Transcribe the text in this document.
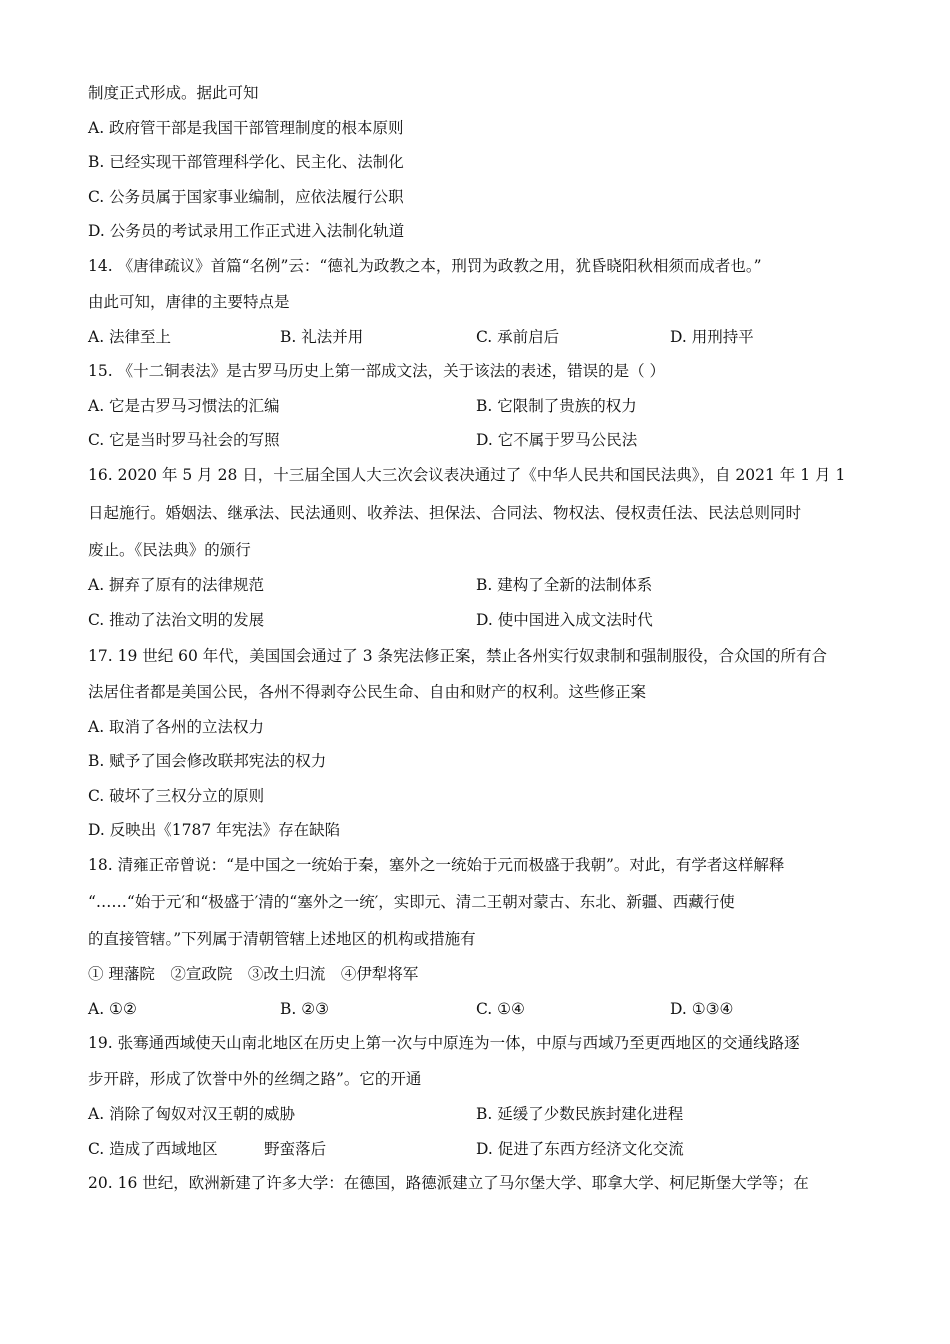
制度正式形成。据此可知
A. 政府管干部是我国干部管理制度的根本原则
B. 已经实现干部管理科学化、民主化、法制化
C. 公务员属于国家事业编制，应依法履行公职
D. 公务员的考试录用工作正式进入法制化轨道
14. 《唐律疏议》首篇“名例”云：“德礼为政教之本，刑罚为政教之用，犹昏晓阳秋相须而成者也。”
由此可知，唐律的主要特点是
A. 法律至上	B. 礼法并用	C. 承前启后	D. 用刑持平
15. 《十二铜表法》是古罗马历史上第一部成文法，关于该法的表述，错误的是（ ）
A. 它是古罗马习惯法的汇编	B. 它限制了贵族的权力
C. 它是当时罗马社会的写照	D. 它不属于罗马公民法
16. 2020 年 5 月 28 日，十三届全国人大三次会议表决通过了《中华人民共和国民法典》，自 2021 年 1 月 1
日起施行。婚姻法、继承法、民法通则、收养法、担保法、合同法、物权法、侵权责任法、民法总则同时
废止。《民法典》的颁行
A. 摒弃了原有的法律规范	B. 建构了全新的法制体系
C. 推动了法治文明的发展	D. 使中国进入成文法时代
17. 19 世纪 60 年代，美国国会通过了 3 条宪法修正案，禁止各州实行奴隶制和强制服役，合众国的所有合
法居住者都是美国公民，各州不得剥夺公民生命、自由和财产的权利。这些修正案
A. 取消了各州的立法权力
B. 赋予了国会修改联邦宪法的权力
C. 破坏了三权分立的原则
D. 反映出《1787 年宪法》存在缺陷
18. 清雍正帝曾说：“是中国之一统始于秦，塞外之一统始于元而极盛于我朝”。对此，有学者这样解释
“……“始于元′和“极盛于′清的“塞外之一统′，实即元、清二王朝对蒙古、东北、新疆、西藏行使
的直接管辖。”下列属于清朝管辖上述地区的机构或措施有
① 理藩院　②宣政院　③改土归流　④伊犁将军
A. ①②	B. ②③	C. ①④	D. ①③④
19. 张骞通西域使天山南北地区在历史上第一次与中原连为一体，中原与西域乃至更西地区的交通线路逐
步开辟，形成了饮誉中外的丝绸之路”。它的开通
A. 消除了匈奴对汉王朝的威胁	B. 延缓了少数民族封建化进程
C. 造成了西域地区　　　野蛮落后	D. 促进了东西方经济文化交流
20. 16 世纪，欧洲新建了许多大学：在德国，路德派建立了马尔堡大学、耶拿大学、柯尼斯堡大学等；在
